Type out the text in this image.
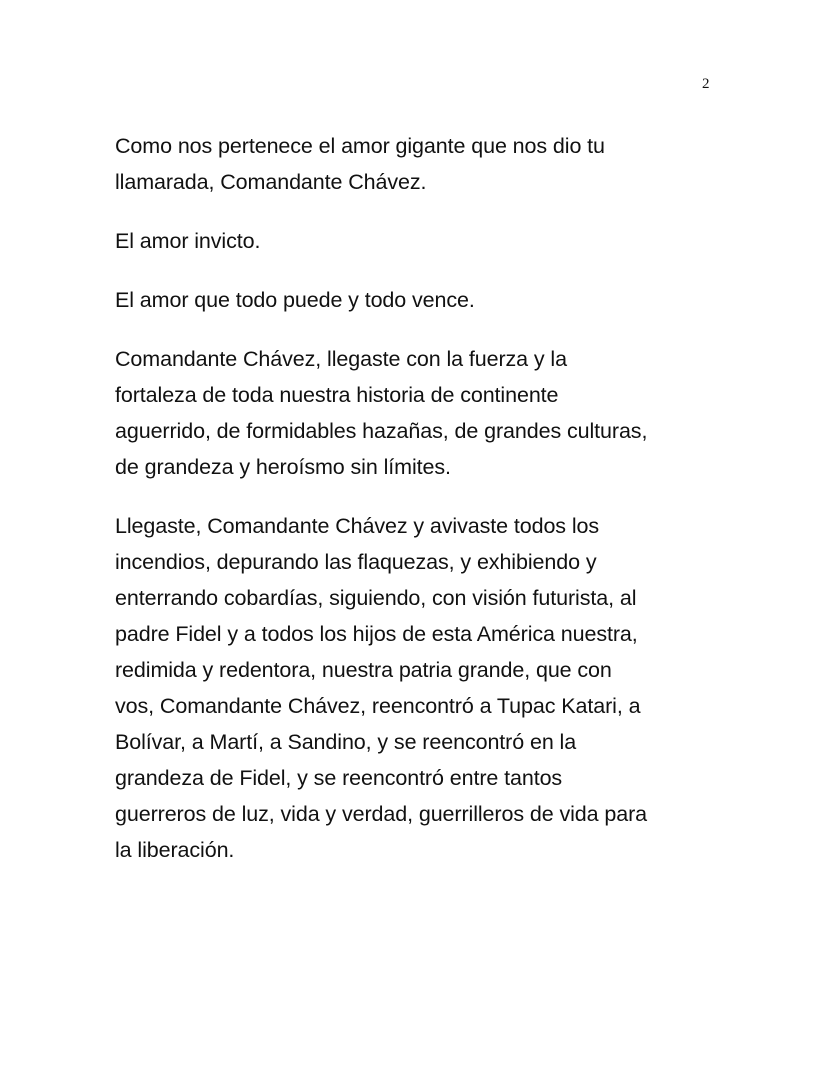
2

Como nos pertenece el amor gigante que nos dio tu
llamarada, Comandante Chávez.

El amor invicto.

El amor que todo puede y todo vence.

Comandante Chávez, llegaste con la fuerza y la
fortaleza de toda nuestra historia de continente
aguerrido, de formidables hazañas, de grandes culturas,
de grandeza y heroísmo sin límites.

Llegaste, Comandante Chávez y avivaste todos los
incendios, depurando las flaquezas, y exhibiendo y
enterrando cobardías, siguiendo, con visión futurista, al
padre Fidel y a todos los hijos de esta América nuestra,
redimida y redentora, nuestra patria grande, que con
vos, Comandante Chávez, reencontró a Tupac Katari, a
Bolívar, a Martí, a Sandino, y se reencontró en la
grandeza de Fidel, y se reencontró entre tantos
guerreros de luz, vida y verdad, guerrilleros de vida para
la liberación.
